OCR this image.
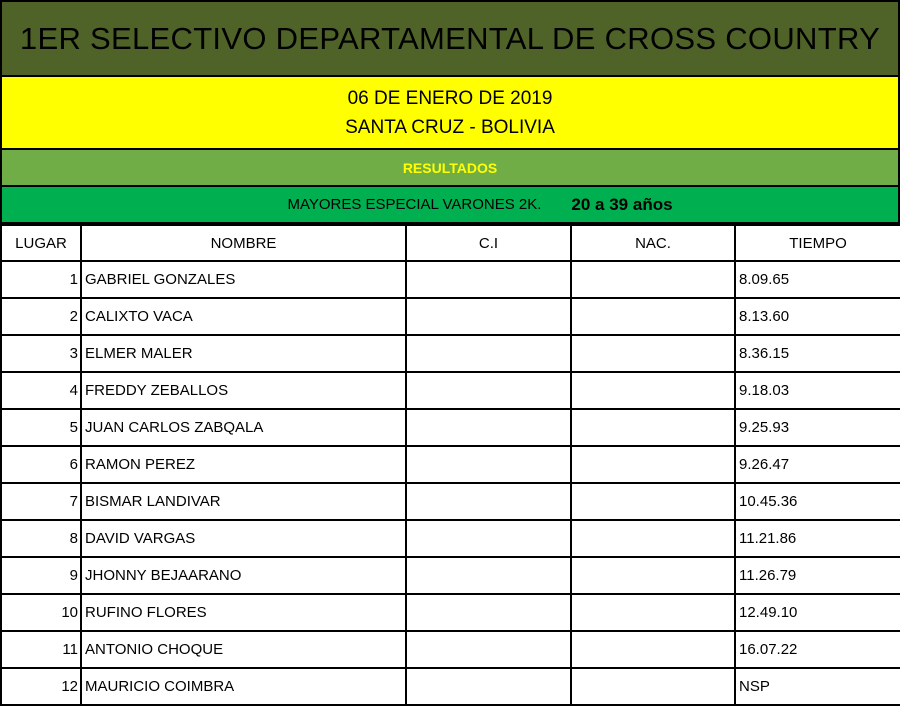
1ER SELECTIVO DEPARTAMENTAL DE CROSS COUNTRY
06 DE ENERO DE 2019
SANTA CRUZ - BOLIVIA
RESULTADOS
MAYORES ESPECIAL VARONES 2K. 20 a 39 años
LUGAR	NOMBRE	C.I	NAC.	TIEMPO
1	GABRIEL GONZALES			8.09.65
2	CALIXTO VACA			8.13.60
3	ELMER MALER			8.36.15
4	FREDDY ZEBALLOS			9.18.03
5	JUAN CARLOS ZABQALA			9.25.93
6	RAMON PEREZ			9.26.47
7	BISMAR LANDIVAR			10.45.36
8	DAVID VARGAS			11.21.86
9	JHONNY BEJAARANO			11.26.79
10	RUFINO FLORES			12.49.10
11	ANTONIO CHOQUE			16.07.22
12	MAURICIO COIMBRA			NSP
